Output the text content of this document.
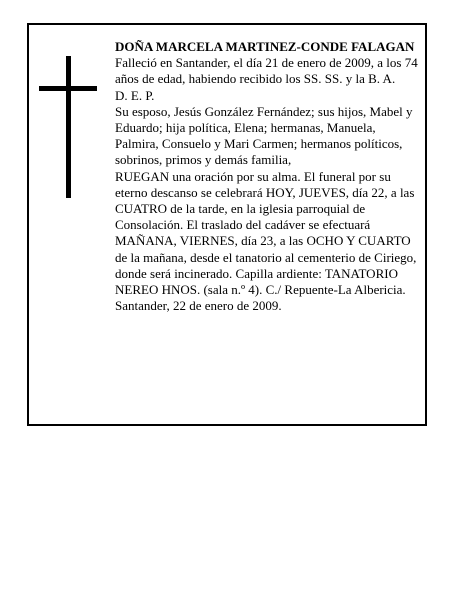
DOÑA MARCELA MARTINEZ-CONDE FALAGAN

Falleció en Santander, el día 21 de enero de 2009, a los 74 años de edad, habiendo recibido los SS. SS. y la B. A.

D. E. P.

Su esposo, Jesús González Fernández; sus hijos, Mabel y Eduardo; hija política, Elena; hermanas, Manuela, Palmira, Consuelo y Mari Carmen; hermanos políticos, sobrinos, primos y demás familia,

RUEGAN una oración por su alma. El funeral por su eterno descanso se celebrará HOY, JUEVES, día 22, a las CUATRO de la tarde, en la iglesia parroquial de Consolación. El traslado del cadáver se efectuará MAÑANA, VIERNES, día 23, a las OCHO Y CUARTO de la mañana, desde el tanatorio al cementerio de Ciriego, donde será incinerado. Capilla ardiente: TANATORIO NEREO HNOS. (sala n.º 4). C./ Repuente-La Albericia.

Santander, 22 de enero de 2009.
